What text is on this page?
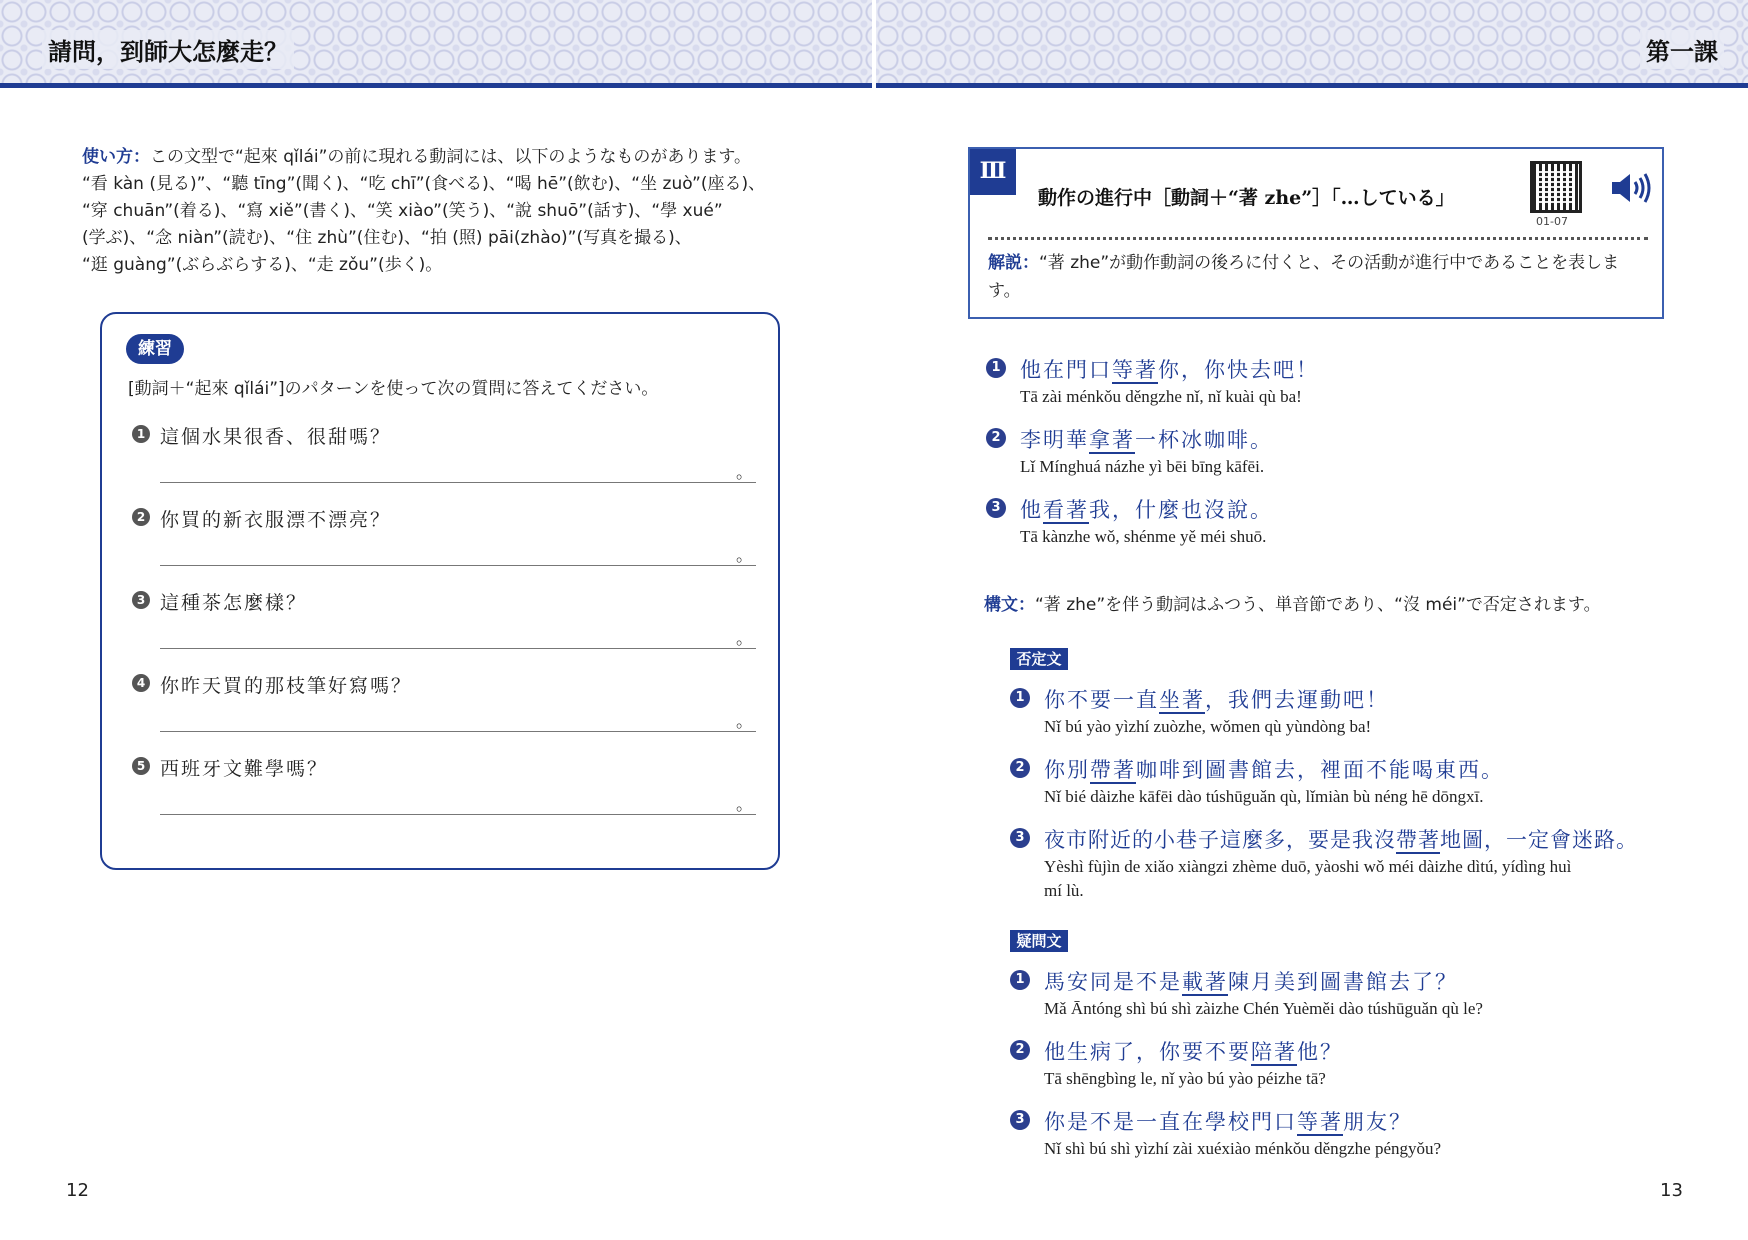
請問，到師大怎麼走？	第一課
使い方：この文型で“起來 qǐlái”の前に現れる動詞には、以下のようなものがあります。
“看 kàn (見る)”、“聽 tīng”(聞く)、“吃 chī”(食べる)、“喝 hē”(飲む)、“坐 zuò”(座る)、
“穿 chuān”(着る)、“寫 xiě”(書く)、“笑 xiào”(笑う)、“說 shuō”(話す)、“學 xué”
(学ぶ)、“念 niàn”(読む)、“住 zhù”(住む)、“拍 (照) pāi(zhào)”(写真を撮る)、
“逛 guàng”(ぶらぶらする)、“走 zǒu”(歩く)。
練習
[動詞＋“起來 qǐlái”]のパターンを使って次の質問に答えてください。
1 這個水果很香、很甜嗎？
。
2 你買的新衣服漂不漂亮？
。
3 這種茶怎麼樣？
。
4 你昨天買的那枝筆好寫嗎？
。
5 西班牙文難學嗎？
。
12
Ⅲ
動作の進行中［動詞＋“著 zhe”］「…している」
01-07
解説：“著 zhe”が動作動詞の後ろに付くと、その活動が進行中であることを表しま
す。
1 他在門口等著你，你快去吧！
Tā zài ménkǒu děngzhe nǐ, nǐ kuài qù ba!
2 李明華拿著一杯冰咖啡。
Lǐ Mínghuá názhe yì bēi bīng kāfēi.
3 他看著我，什麼也沒說。
Tā kànzhe wǒ, shénme yě méi shuō.
構文：“著 zhe”を伴う動詞はふつう、単音節であり、“沒 méi”で否定されます。
否定文
1 你不要一直坐著，我們去運動吧！
Nǐ bú yào yìzhí zuòzhe, wǒmen qù yùndòng ba!
2 你別帶著咖啡到圖書館去，裡面不能喝東西。
Nǐ bié dàizhe kāfēi dào túshūguǎn qù, lǐmiàn bù néng hē dōngxī.
3 夜市附近的小巷子這麼多，要是我沒帶著地圖，一定會迷路。
Yèshì fùjìn de xiǎo xiàngzi zhème duō, yàoshi wǒ méi dàizhe dìtú, yídìng huì
mí lù.
疑問文
1 馬安同是不是載著陳月美到圖書館去了？
Mǎ Āntóng shì bú shì zàizhe Chén Yuèměi dào túshūguǎn qù le?
2 他生病了，你要不要陪著他？
Tā shēngbìng le, nǐ yào bú yào péizhe tā?
3 你是不是一直在學校門口等著朋友？
Nǐ shì bú shì yìzhí zài xuéxiào ménkǒu děngzhe péngyǒu?
13
